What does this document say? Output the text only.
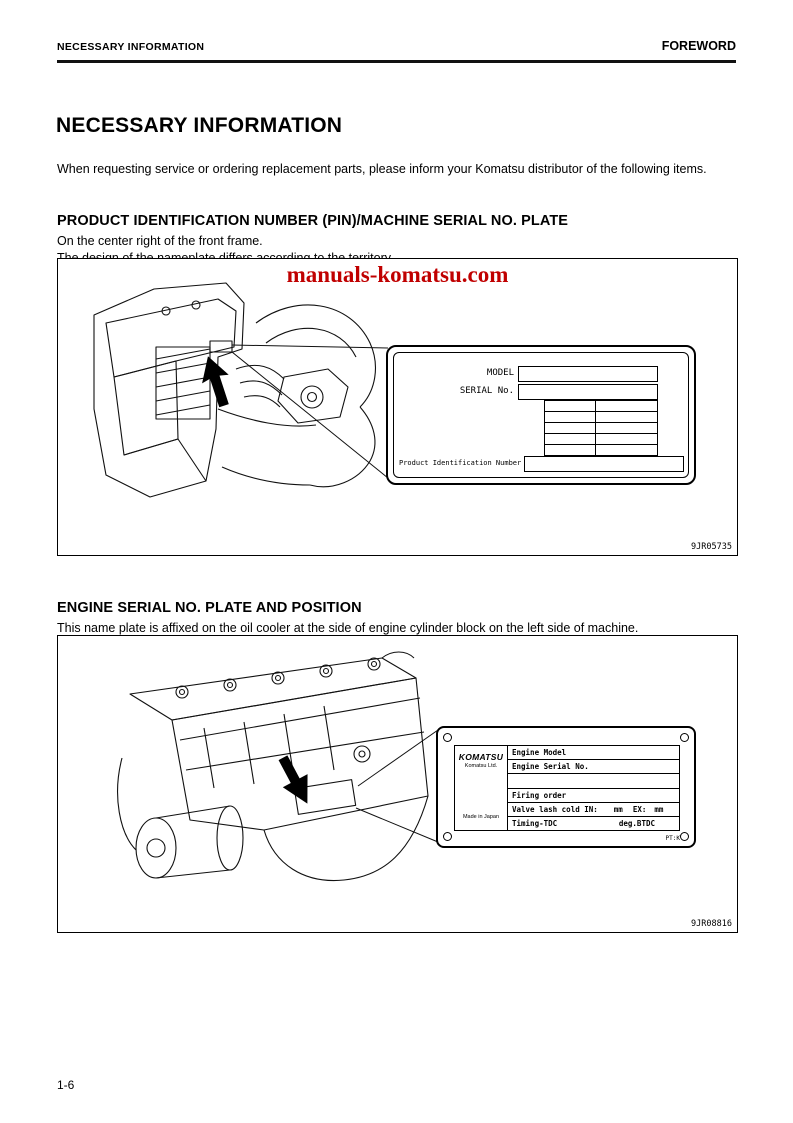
NECESSARY INFORMATION	FOREWORD
NECESSARY INFORMATION

When requesting service or ordering replacement parts, please inform your Komatsu distributor of the following items.

PRODUCT IDENTIFICATION NUMBER (PIN)/MACHINE SERIAL NO. PLATE

On the center right of the front frame.

manuals-komatsu.com
MODEL
SERIAL No.
Product Identification Number
9JR05735
ENGINE SERIAL NO. PLATE AND POSITION

This name plate is affixed on the oil cooler at the side of engine cylinder block on the left side of machine.

KOMATSU
Komatsu Ltd.
Made in Japan
Engine Model
Engine Serial No.
Firing order
Valve lash cold IN: mm EX: mm
Timing-TDC	deg.BTDC
PT:K
9JR08816
1-6
